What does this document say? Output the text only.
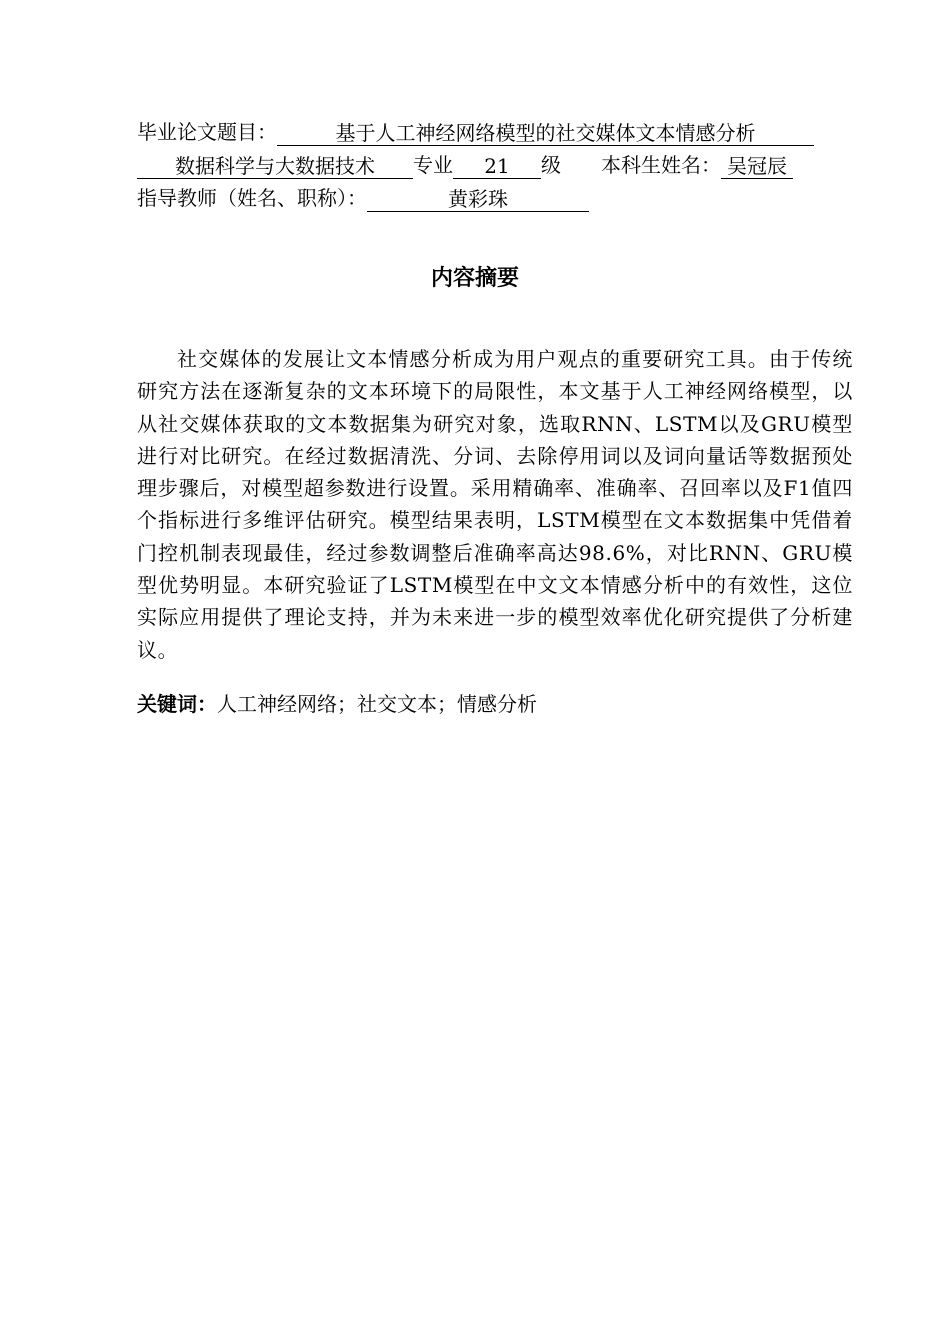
毕业论文题目：	基于人工神经网络模型的社交媒体文本情感分析
数据科学与大数据技术 专业 21 级 本科生姓名： 吴冠辰
指导教师（姓名、职称）：	黄彩珠
内容摘要

社交媒体的发展让文本情感分析成为用户观点的重要研究工具。由于传统研究方法在逐渐复杂的文本环境下的局限性，本文基于人工神经网络模型，以从社交媒体获取的文本数据集为研究对象，选取RNN、LSTM以及GRU模型进行对比研究。在经过数据清洗、分词、去除停用词以及词向量话等数据预处理步骤后，对模型超参数进行设置。采用精确率、准确率、召回率以及F1值四个指标进行多维评估研究。模型结果表明，LSTM模型在文本数据集中凭借着门控机制表现最佳，经过参数调整后准确率高达98.6%，对比RNN、GRU模型优势明显。本研究验证了LSTM模型在中文文本情感分析中的有效性，这位实际应用提供了理论支持，并为未来进一步的模型效率优化研究提供了分析建议。

关键词：人工神经网络；社交文本；情感分析
